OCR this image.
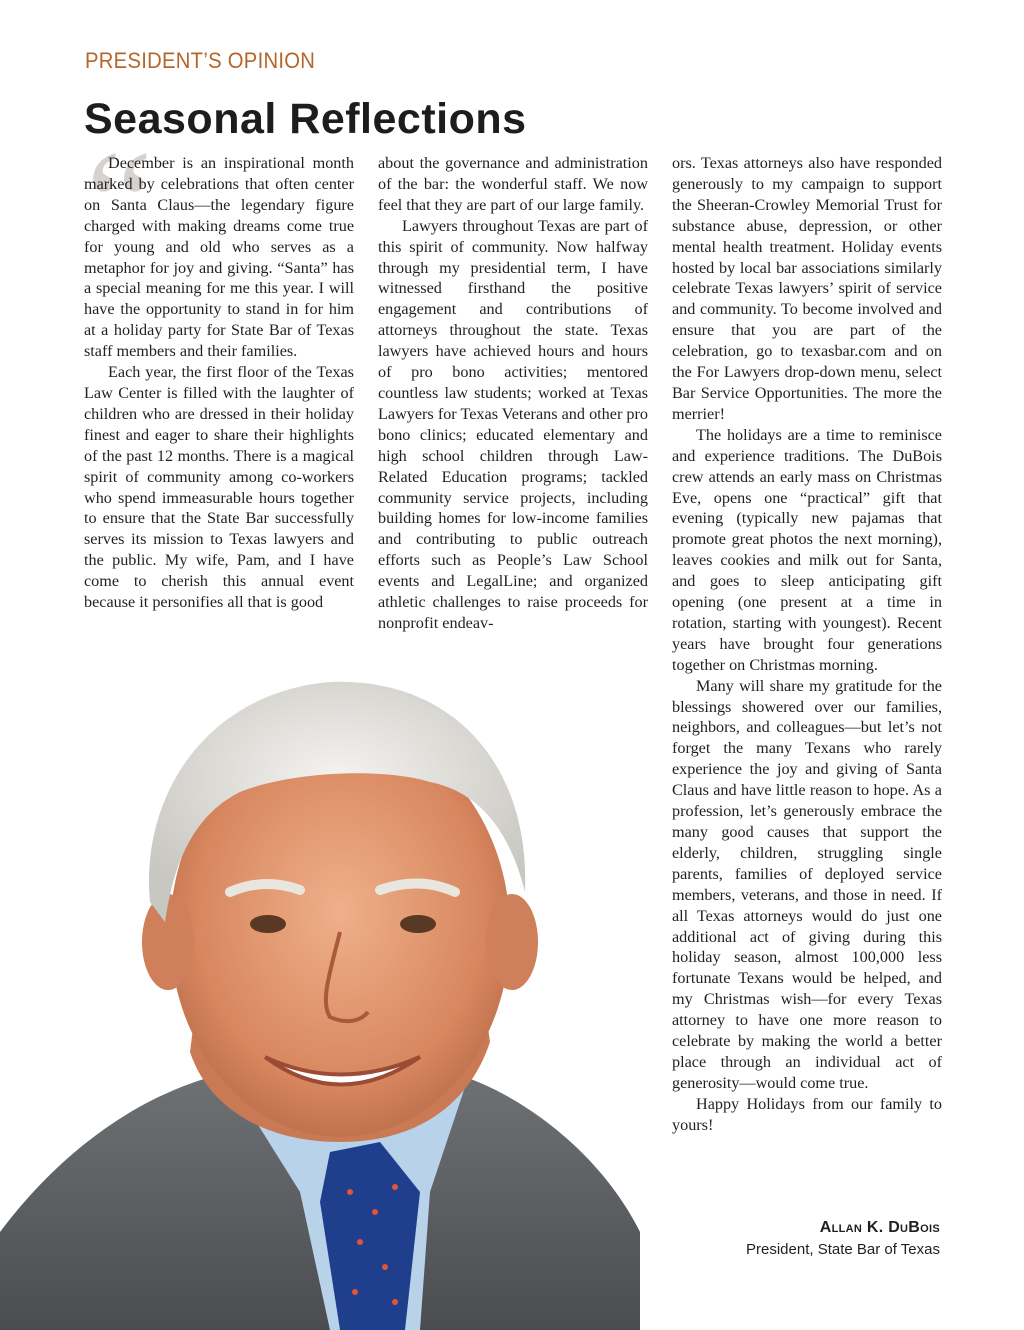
PRESIDENT’S OPINION
Seasonal Reflections
“

December is an inspirational month marked by celebrations that often center on Santa Claus—the legendary figure charged with making dreams come true for young and old who serves as a metaphor for joy and giving. “Santa” has a special meaning for me this year. I will have the opportunity to stand in for him at a holiday party for State Bar of Texas staff members and their families.

Each year, the first floor of the Texas Law Center is filled with the laughter of children who are dressed in their holiday finest and eager to share their highlights of the past 12 months. There is a magical spirit of community among co-workers who spend immeasurable hours together to ensure that the State Bar successfully serves its mission to Texas lawyers and the public. My wife, Pam, and I have come to cherish this annual event because it personifies all that is good

about the governance and administration of the bar: the wonderful staff. We now feel that they are part of our large family.

Lawyers throughout Texas are part of this spirit of community. Now halfway through my presidential term, I have witnessed firsthand the positive engagement and contributions of attorneys throughout the state. Texas lawyers have achieved hours and hours of pro bono activities; mentored countless law students; worked at Texas Lawyers for Texas Veterans and other pro bono clinics; educated elementary and high school children through Law-Related Education programs; tackled community service projects, including building homes for low-income families and contributing to public outreach efforts such as People’s Law School events and LegalLine; and organized athletic challenges to raise proceeds for nonprofit endeav-

ors. Texas attorneys also have responded generously to my campaign to support the Sheeran-Crowley Memorial Trust for substance abuse, depression, or other mental health treatment. Holiday events hosted by local bar associations similarly celebrate Texas lawyers’ spirit of service and community. To become involved and ensure that you are part of the celebration, go to texasbar.com and on the For Lawyers drop-down menu, select Bar Service Opportunities. The more the merrier!

The holidays are a time to reminisce and experience traditions. The DuBois crew attends an early mass on Christmas Eve, opens one “practical” gift that evening (typically new pajamas that promote great photos the next morning), leaves cookies and milk out for Santa, and goes to sleep anticipating gift opening (one present at a time in rotation, starting with youngest). Recent years have brought four generations together on Christmas morning.

Many will share my gratitude for the blessings showered over our families, neighbors, and colleagues—but let’s not forget the many Texans who rarely experience the joy and giving of Santa Claus and have little reason to hope. As a profession, let’s generously embrace the many good causes that support the elderly, children, struggling single parents, families of deployed service members, veterans, and those in need. If all Texas attorneys would do just one additional act of giving during this holiday season, almost 100,000 less fortunate Texans would be helped, and my Christmas wish—for every Texas attorney to have one more reason to celebrate by making the world a better place through an individual act of generosity—would come true.

Happy Holidays from our family to yours!

Allan K. DuBois
President, State Bar of Texas
